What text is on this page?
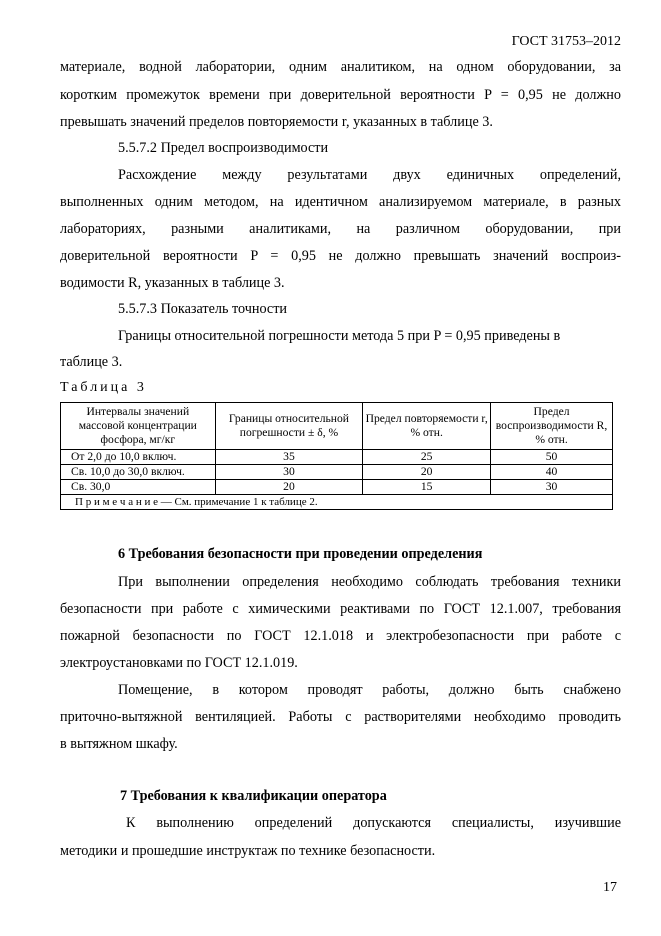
ГОСТ 31753–2012
материале, водной лаборатории, одним аналитиком, на одном оборудовании, за
коротким промежуток времени при доверительной вероятности P = 0,95 не должно
превышать значений пределов повторяемости r, указанных в таблице 3.
5.5.7.2 Предел воспроизводимости
Расхождение между результатами двух единичных определений,
выполненных одним методом, на идентичном анализируемом материале, в разных
лабораториях, разными аналитиками, на различном оборудовании, при
доверительной вероятности P = 0,95 не должно превышать значений воспроиз-
водимости R, указанных в таблице 3.
5.5.7.3 Показатель точности
Границы относительной погрешности метода 5 при P = 0,95 приведены в
таблице 3.
Таблица 3
Интервалы значений массовой концентрации фосфора, мг/кг	Границы относительной погрешности ± δ, %	Предел повторяемости r, % отн.	Предел воспроизводимости R, % отн.
От 2,0 до 10,0 включ.	35	25	50
Св. 10,0 до 30,0 включ.	30	20	40
Св. 30,0	20	15	30
П р и м е ч а н и е — См. примечание 1 к таблице 2.			
6 Требования безопасности при проведении определения
При выполнении определения необходимо соблюдать требования техники
безопасности при работе с химическими реактивами по ГОСТ 12.1.007, требования
пожарной безопасности по ГОСТ 12.1.018 и электробезопасности при работе с
электроустановками по ГОСТ 12.1.019.
Помещение, в котором проводят работы, должно быть снабжено
приточно-вытяжной вентиляцией. Работы с растворителями необходимо проводить
в вытяжном шкафу.
7 Требования к квалификации оператора
К выполнению определений допускаются специалисты, изучившие
методики и прошедшие инструктаж по технике безопасности.
17
